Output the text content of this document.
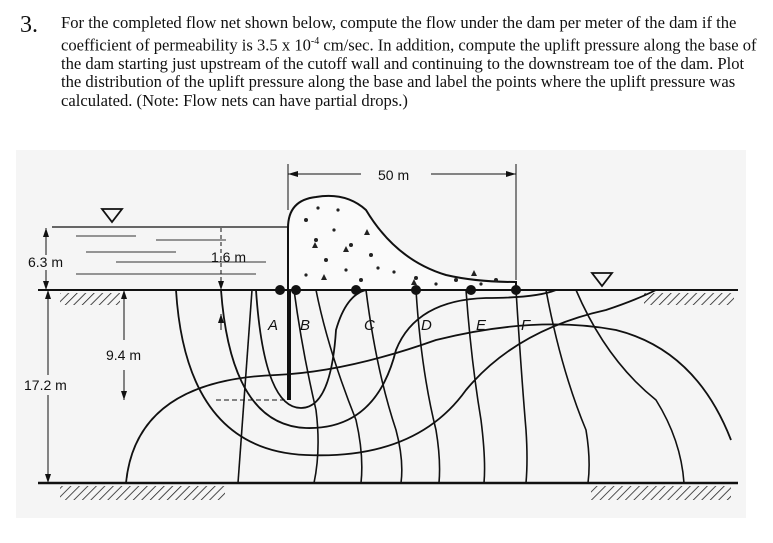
3. For the completed flow net shown below, compute the flow under the dam per meter of the dam if the coefficient of permeability is 3.5 x $10^{-4}$ cm/sec. In addition, compute the uplift pressure along the base of the dam starting just upstream of the cutoff wall and continuing to the downstream toe of the dam. Plot the distribution of the uplift pressure along the base and label the points where the uplift pressure was calculated. (Note: Flow nets can have partial drops.)
A B	C	D	E F
50 m
6.3 m	1.6 m
9.4 m
17.2 m
